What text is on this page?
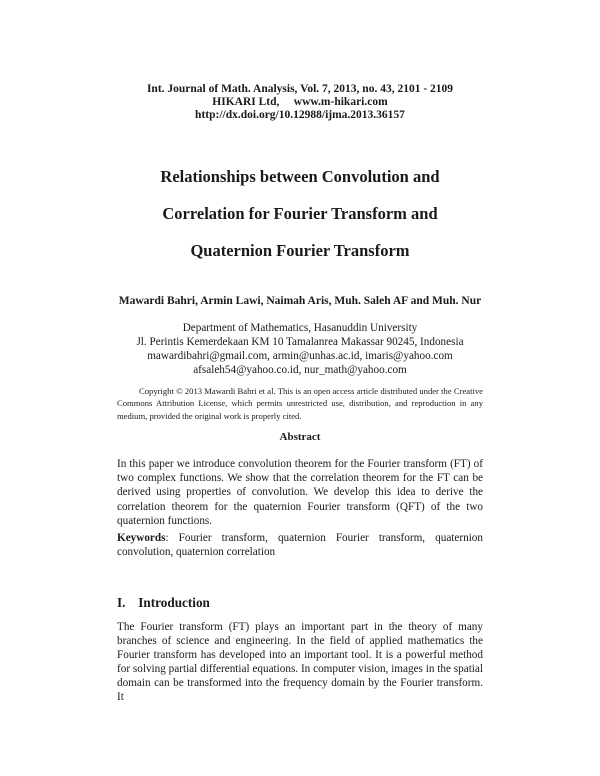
Int. Journal of Math. Analysis, Vol. 7, 2013, no. 43, 2101 - 2109
HIKARI Ltd,     www.m-hikari.com
http://dx.doi.org/10.12988/ijma.2013.36157
Relationships between Convolution and
Correlation for Fourier Transform and
Quaternion Fourier Transform
Mawardi Bahri, Armin Lawi, Naimah Aris, Muh. Saleh AF and Muh. Nur
Department of Mathematics, Hasanuddin University
Jl. Perintis Kemerdekaan KM 10 Tamalanrea Makassar 90245, Indonesia
mawardibahri@gmail.com, armin@unhas.ac.id, imaris@yahoo.com
afsaleh54@yahoo.co.id, nur_math@yahoo.com
Copyright © 2013 Mawardi Bahri et al. This is an open access article distributed under the Creative Commons Attribution License, which permits unrestricted use, distribution, and reproduction in any medium, provided the original work is properly cited.
Abstract
In this paper we introduce convolution theorem for the Fourier transform (FT) of two complex functions. We show that the correlation theorem for the FT can be derived using properties of convolution. We develop this idea to derive the correlation theorem for the quaternion Fourier transform (QFT) of the two quaternion functions.
Keywords: Fourier transform, quaternion Fourier transform, quaternion convolution, quaternion correlation
I. Introduction
The Fourier transform (FT) plays an important part in the theory of many branches of science and engineering. In the field of applied mathematics the Fourier transform has developed into an important tool. It is a powerful method for solving partial differential equations. In computer vision, images in the spatial domain can be transformed into the frequency domain by the Fourier transform. It
